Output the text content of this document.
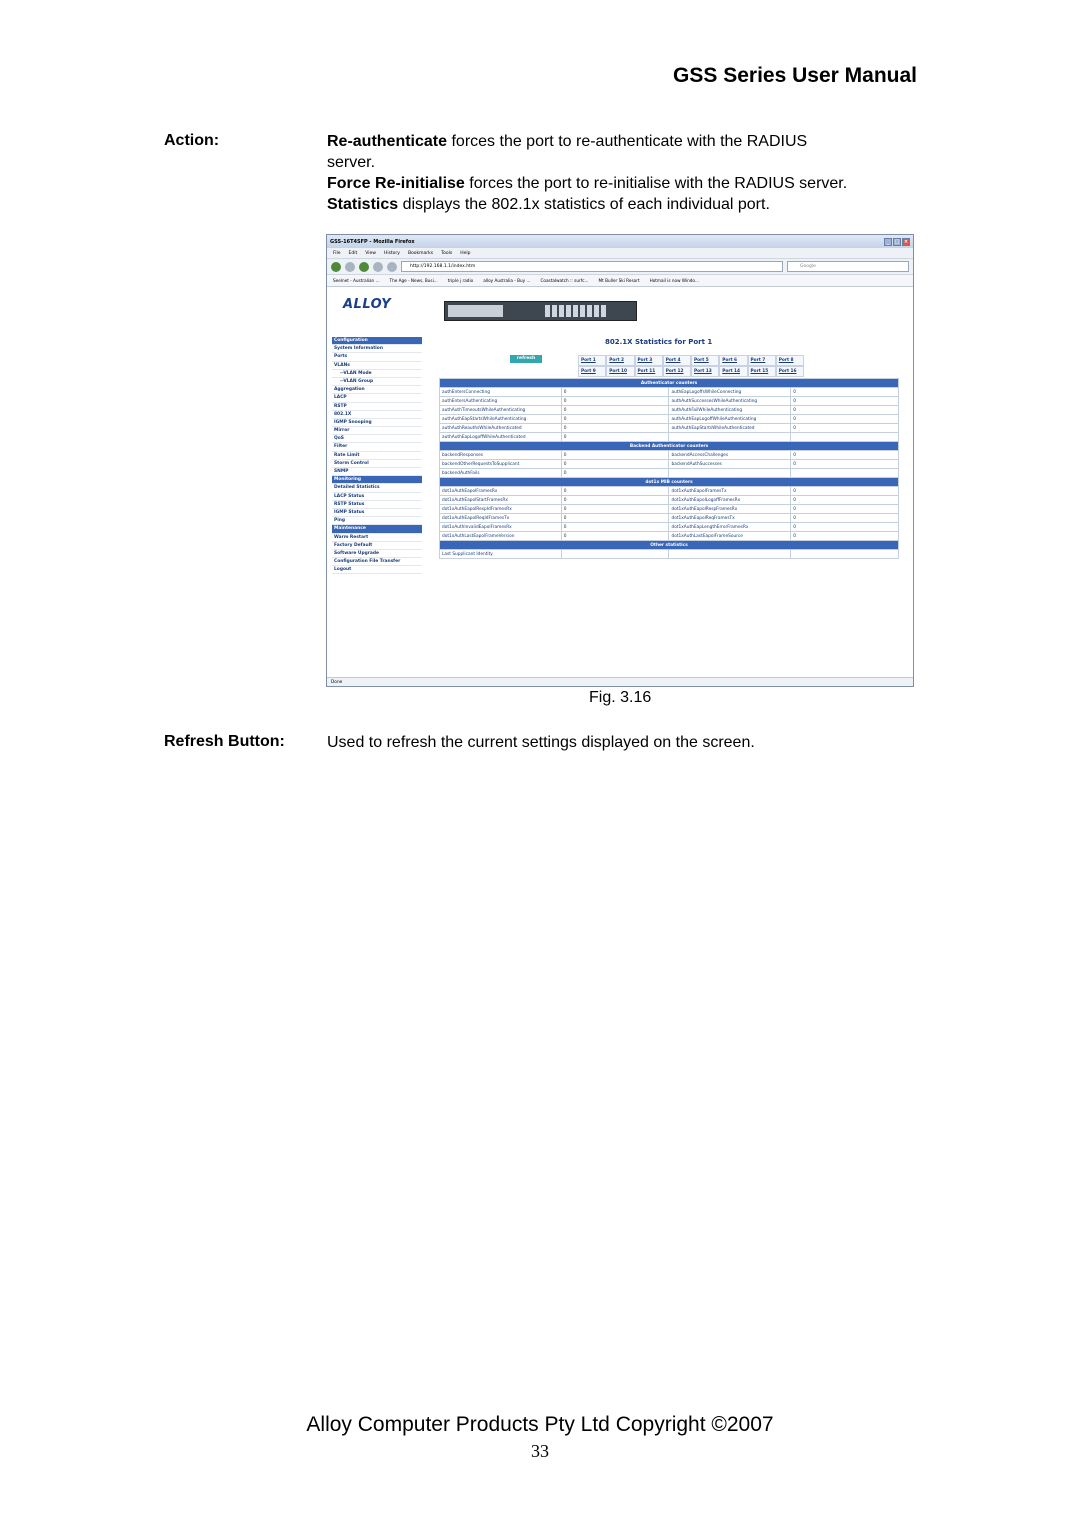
GSS Series User Manual
Action:	Re-authenticate forces the port to re-authenticate with the RADIUS
server.
Force Re-initialise forces the port to re-initialise with the RADIUS server.
Statistics displays the 802.1x statistics of each individual port.
GSS-16T4SFP - Mozilla Firefox	_	□ ×
File Edit View History Bookmarks Tools Help
http://192.168.1.1/index.htm	Google
Seelnet - Australian ... The Age - News, Busi... triple j radio alloy Australia - Buy ... Coastalwatch :: surfc... Mt Buller Ski Resort Hotmail is now Windo...
ALLOY
Configuration
System Information
Ports
VLANs
--VLAN Mode
--VLAN Group
Aggregation
LACP
RSTP
802.1X
IGMP Snooping
Mirror
QoS
Filter
Rate Limit
Storm Control
SNMP
Monitoring
Detailed Statistics
LACP Status
RSTP Status
IGMP Status
Ping
Maintenance
Warm Restart
Factory Default
Software Upgrade
Configuration File Transfer
Logout
802.1X Statistics for Port 1
refresh	Port 1	Port 2	Port 3	Port 4	Port 5	Port 6	Port 7	Port 8
Port 9	Port 10	Port 11	Port 12	Port 13	Port 14	Port 15	Port 16
Authenticator counters			
authEntersConnecting	0	authEapLogoffsWhileConnecting	0
authEntersAuthenticating	0	authAuthSuccessesWhileAuthenticating	0
authAuthTimeoutsWhileAuthenticating	0	authAuthFailWhileAuthenticating	0
authAuthEapStartsWhileAuthenticating	0	authAuthEapLogoffWhileAuthenticating	0
authAuthReauthsWhileAuthenticated	0	authAuthEapStartsWhileAuthenticated	0
authAuthEapLogoffWhileAuthenticated	0		
Backend Authenticator counters			
backendResponses	0	backendAccessChallenges	0
backendOtherRequestsToSupplicant	0	backendAuthSuccesses	0
backendAuthFails	0		
dot1x MIB counters			
dot1xAuthEapolFramesRx	0	dot1xAuthEapolFramesTx	0
dot1xAuthEapolStartFramesRx	0	dot1xAuthEapolLogoffFramesRx	0
dot1xAuthEapolRespIdFramesRx	0	dot1xAuthEapolRespFramesRx	0
dot1xAuthEapolReqIdFramesTx	0	dot1xAuthEapolReqFramesTx	0
dot1xAuthInvalidEapolFramesRx	0	dot1xAuthEapLengthErrorFramesRx	0
dot1xAuthLastEapolFrameVersion	0	dot1xAuthLastEapolFrameSource	0
Other statistics			
Last Supplicant Identity			
Done
Fig. 3.16
Refresh Button:	Used to refresh the current settings displayed on the screen.
Alloy Computer Products Pty Ltd Copyright ©2007
33
